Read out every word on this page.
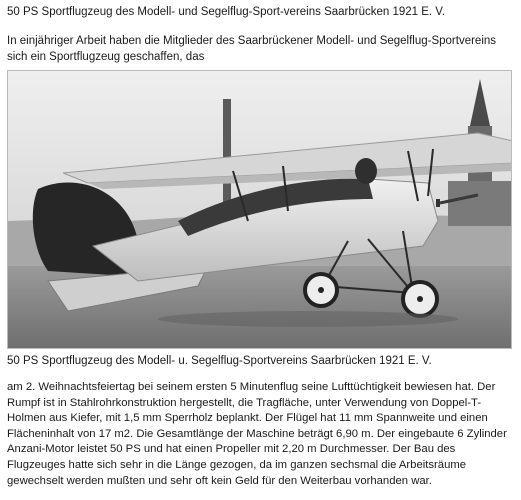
50 PS Sportflugzeug des Modell- und Segelflug-Sport-vereins Saarbrücken 1921 E. V.
In einjähriger Arbeit haben die Mitglieder des Saarbrückener Modell- und Segelflug-Sportvereins sich ein Sportflugzeug geschaffen, das
50 PS Sportflugzeug des Modell- u. Segelflug-Sportvereins Saarbrücken 1921 E. V.
am 2. Weihnachtsfeiertag bei seinem ersten 5 Minutenflug seine Lufttüchtigkeit bewiesen hat. Der Rumpf ist in Stahlrohrkonstruktion hergestellt, die Tragfläche, unter Verwendung von Doppel-T-Holmen aus Kiefer, mit 1,5 mm Sperrholz beplankt. Der Flügel hat 11 mm Spannweite und einen Flächeninhalt von 17 m2. Die Gesamtlänge der Maschine beträgt 6,90 m. Der eingebaute 6 Zylinder Anzani-Motor leistet 50 PS und hat einen Propeller mit 2,20 m Durchmesser. Der Bau des Flugzeuges hatte sich sehr in die Länge gezogen, da im ganzen sechsmal die Arbeitsräume gewechselt werden mußten und sehr oft kein Geld für den Weiterbau vorhanden war.
